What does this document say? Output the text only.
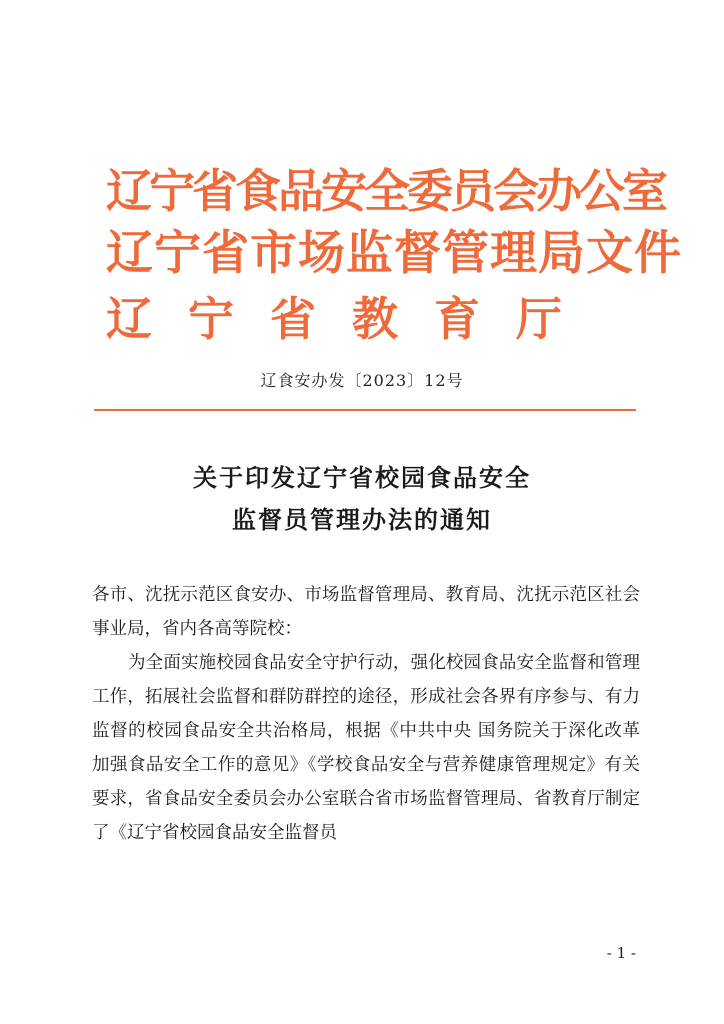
辽宁省食品安全委员会办公室
辽宁省市场监督管理局文件
辽宁省教育厅
辽食安办发〔2023〕12号
关于印发辽宁省校园食品安全
监督员管理办法的通知
各市、沈抚示范区食安办、市场监督管理局、教育局、沈抚示范区社会事业局，省内各高等院校：
为全面实施校园食品安全守护行动，强化校园食品安全监督和管理工作，拓展社会监督和群防群控的途径，形成社会各界有序参与、有力监督的校园食品安全共治格局，根据《中共中央 国务院关于深化改革加强食品安全工作的意见》《学校食品安全与营养健康管理规定》有关要求，省食品安全委员会办公室联合省市场监督管理局、省教育厅制定了《辽宁省校园食品安全监督员
- 1 -
